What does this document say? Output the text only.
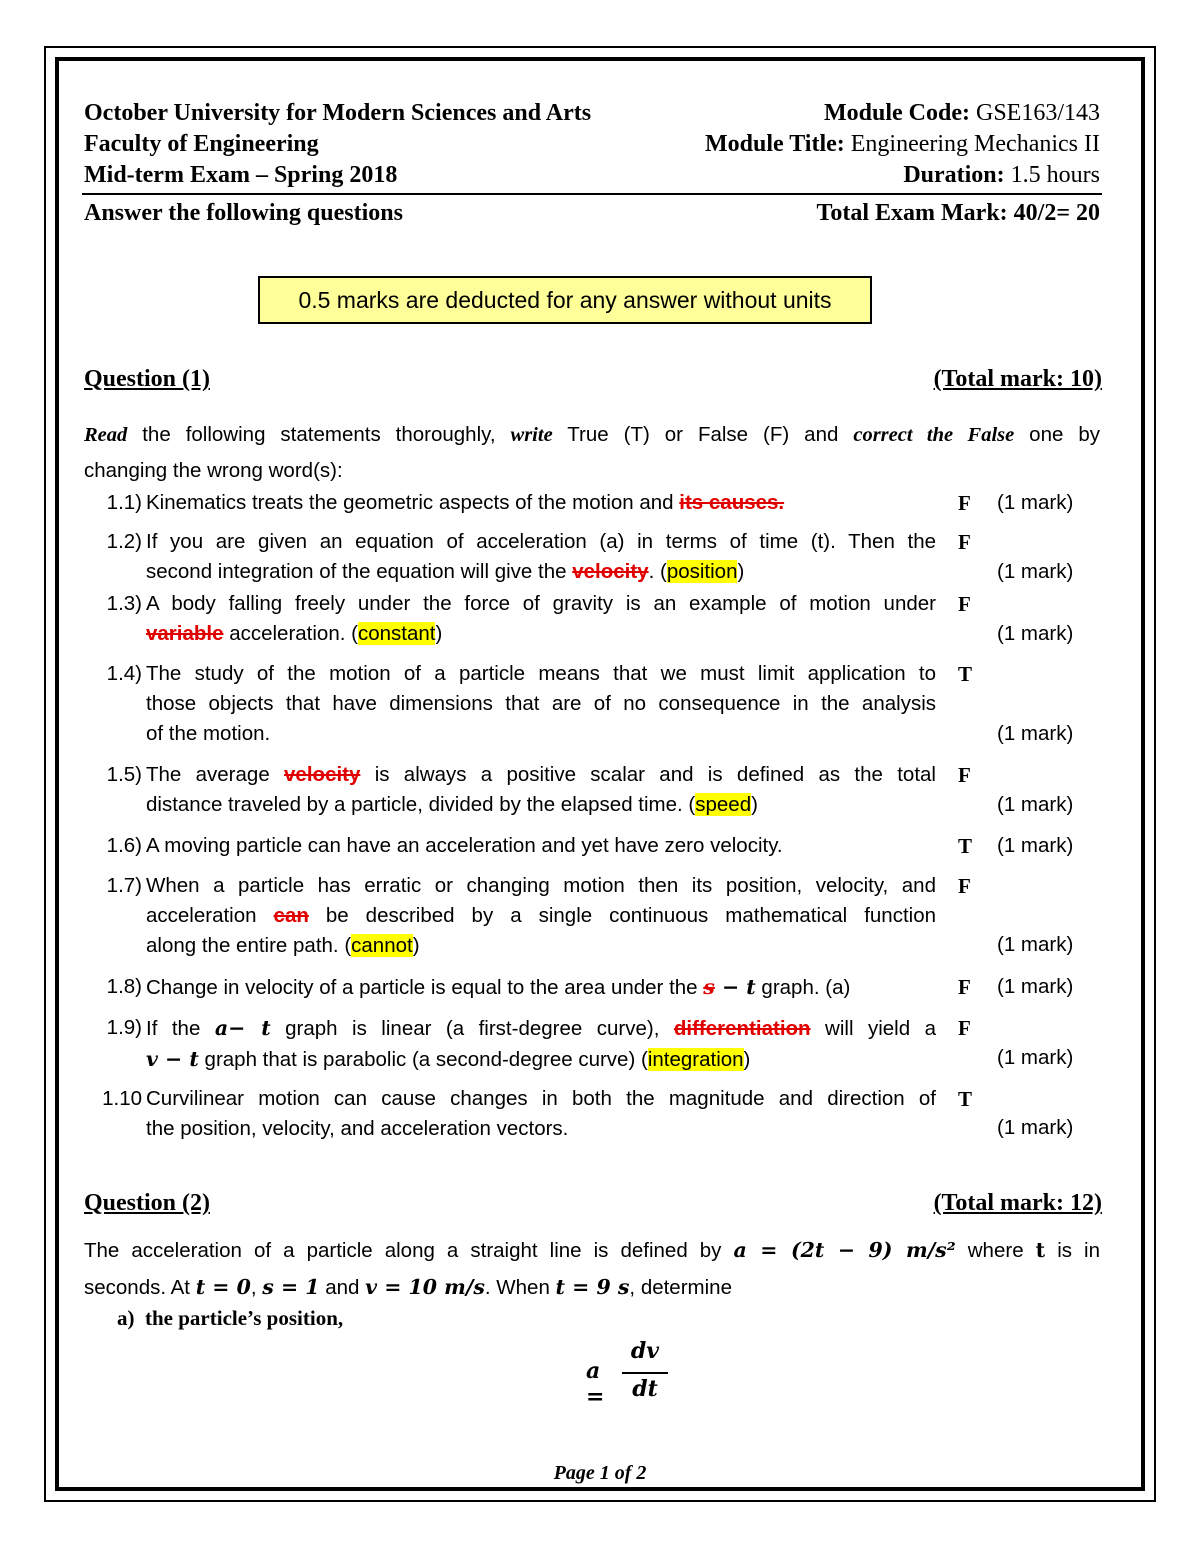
October University for Modern Sciences and Arts
Faculty of Engineering
Mid-term Exam – Spring 2018
Module Code: GSE163/143
Module Title: Engineering Mechanics II
Duration: 1.5 hours
Answer the following questions	Total Exam Mark: 40/2= 20
0.5 marks are deducted for any answer without units
Question (1)	(Total mark: 10)
Read the following statements thoroughly, write True (T) or False (F) and correct the False one by
changing the wrong word(s):
1.1) Kinematics treats the geometric aspects of the motion and its causes.	F (1 mark)
1.2) If you are given an equation of acceleration (a) in terms of time (t). Then the
second integration of the equation will give the velocity. (position)
F
(1 mark)
1.3) A body falling freely under the force of gravity is an example of motion under
variable acceleration. (constant)
F
(1 mark)
1.4) The study of the motion of a particle means that we must limit application to
those objects that have dimensions that are of no consequence in the analysis
of the motion.
T
(1 mark)
1.5) The average velocity is always a positive scalar and is defined as the total
distance traveled by a particle, divided by the elapsed time. (speed)
F
(1 mark)
1.6) A moving particle can have an acceleration and yet have zero velocity.	T (1 mark)
1.7) When a particle has erratic or changing motion then its position, velocity, and
acceleration can be described by a single continuous mathematical function
along the entire path. (cannot)
F
(1 mark)
1.8) Change in velocity of a particle is equal to the area under the s − t graph. (a)	F (1 mark)
1.9) If the a− t graph is linear (a first-degree curve), differentiation will yield a
v − t graph that is parabolic (a second-degree curve) (integration)
F
(1 mark)
1.10 Curvilinear motion can cause changes in both the magnitude and direction of
the position, velocity, and acceleration vectors.
T
(1 mark)
Question (2)	(Total mark: 12)
The acceleration of a particle along a straight line is defined by a = (2t − 9) m/s² where t is in
seconds. At t = 0, s = 1 and v = 10 m/s. When t = 9 s, determine
a) the particle’s position,
a =
dv
dt
Page 1 of 2
